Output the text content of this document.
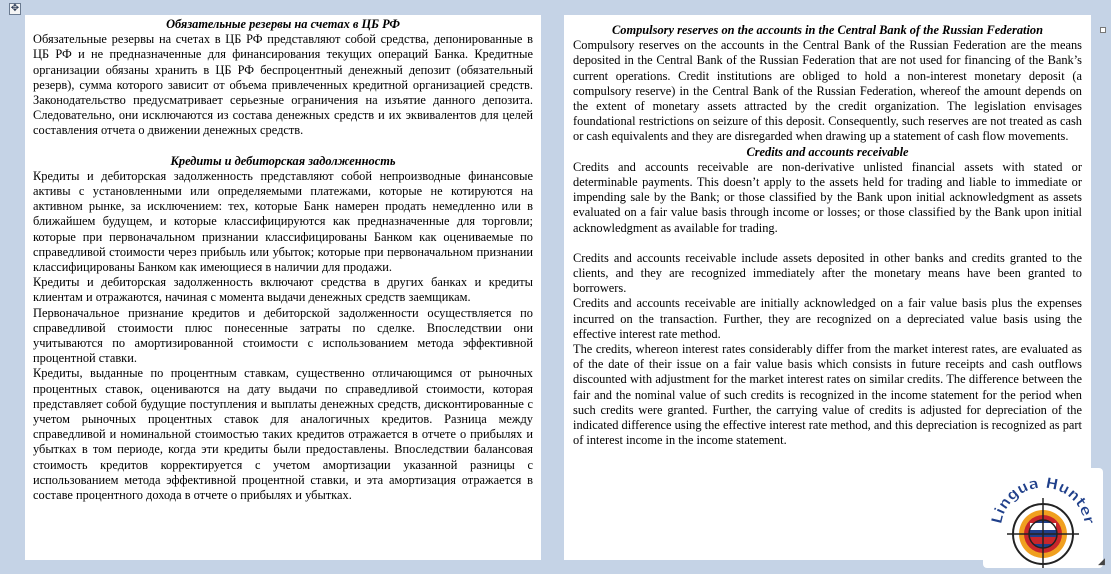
✥

Обязательные резервы на счетах в ЦБ РФ

Обязательные резервы на счетах в ЦБ РФ представляют собой средства, депонированные в ЦБ РФ и не предназначенные для финансирования текущих операций Банка. Кредитные организации обязаны хранить в ЦБ РФ беспроцентный денежный депозит (обязательный резерв), сумма которого зависит от объема привлеченных кредитной организацией средств. Законодательство предусматривает серьезные ограничения на изъятие данного депозита. Следовательно, они исключаются из состава денежных средств и их эквивалентов для целей составления отчета о движении денежных средств.

Кредиты и дебиторская задолженность

Кредиты и дебиторская задолженность представляют собой непроизводные финансовые активы с установленными или определяемыми платежами, которые не котируются на активном рынке, за исключением: тех, которые Банк намерен продать немедленно или в ближайшем будущем, и которые классифицируются как предназначенные для торговли; которые при первоначальном признании классифицированы Банком как оцениваемые по справедливой стоимости через прибыль или убыток; которые при первоначальном признании классифицированы Банком как имеющиеся в наличии для продажи.

Кредиты и дебиторская задолженность включают средства в других банках и кредиты клиентам и отражаются, начиная с момента выдачи денежных средств заемщикам.

Первоначальное признание кредитов и дебиторской задолженности осуществляется по справедливой стоимости плюс понесенные затраты по сделке. Впоследствии они учитываются по амортизированной стоимости с использованием метода эффективной процентной ставки.

Кредиты, выданные по процентным ставкам, существенно отличающимся от рыночных процентных ставок, оцениваются на дату выдачи по справедливой стоимости, которая представляет собой будущие поступления и выплаты денежных средств, дисконтированные с учетом рыночных процентных ставок для аналогичных кредитов. Разница между справедливой и номинальной стоимостью таких кредитов отражается в отчете о прибылях и убытках в том периоде, когда эти кредиты были предоставлены. Впоследствии балансовая стоимость кредитов корректируется с учетом амортизации указанной разницы с использованием метода эффективной процентной ставки, и эта амортизация отражается в составе процентного дохода в отчете о прибылях и убытках.

Compulsory reserves on the accounts in the Central Bank of the Russian Federation

Compulsory reserves on the accounts in the Central Bank of the Russian Federation are the means deposited in the Central Bank of the Russian Federation that are not used for financing of the Bank’s current operations. Credit institutions are obliged to hold a non-interest monetary deposit (a compulsory reserve) in the Central Bank of the Russian Federation, whereof the amount depends on the extent of monetary assets attracted by the credit organization. The legislation envisages foundational restrictions on seizure of this deposit. Consequently, such reserves are not treated as cash or cash equivalents and they are disregarded when drawing up a statement of cash flow movements.

Credits and accounts receivable

Credits and accounts receivable are non-derivative unlisted financial assets with stated or determinable payments. This doesn’t apply to the assets held for trading and liable to immediate or impending sale by the Bank; or those classified by the Bank upon initial acknowledgment as assets evaluated on a fair value basis through income or losses; or those classified by the Bank upon initial acknowledgment as available for trading.

Credits and accounts receivable include assets deposited in other banks and credits granted to the clients, and they are recognized immediately after the monetary means have been granted to borrowers.

Credits and accounts receivable are initially acknowledged on a fair value basis plus the expenses incurred on the transaction. Further, they are recognized on a depreciated value basis using the effective interest rate method.

The credits, whereon interest rates considerably differ from the market interest rates, are evaluated as of the date of their issue on a fair value basis which consists in future receipts and cash outflows discounted with adjustment for the market interest rates on similar credits. The difference between the fair and the nominal value of such credits is recognized in the income statement for the period when such credits were granted. Further, the carrying value of credits is adjusted for depreciation of the indicated difference using the effective interest rate method, and this depreciation is recognized as part of interest income in the income statement.

Lingua Hunter
◢
